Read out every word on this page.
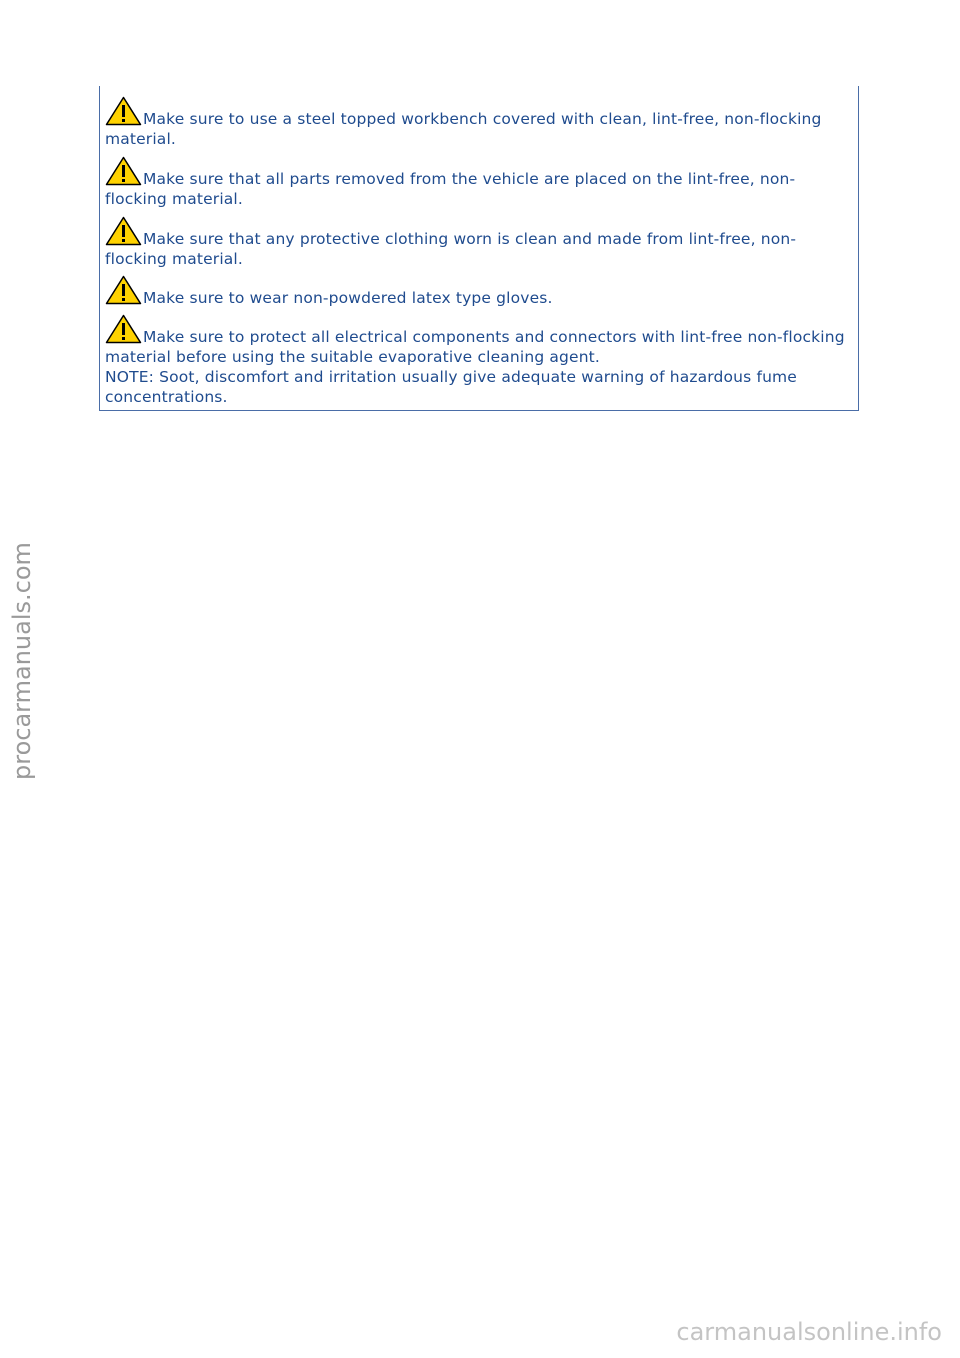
Make sure to use a steel topped workbench covered with clean, lint-free, non-flocking material.
Make sure that all parts removed from the vehicle are placed on the lint-free, non-flocking material.
Make sure that any protective clothing worn is clean and made from lint-free, non-flocking material.
Make sure to wear non-powdered latex type gloves.
Make sure to protect all electrical components and connectors with lint-free non-flocking material before using the suitable evaporative cleaning agent.
NOTE: Soot, discomfort and irritation usually give adequate warning of hazardous fume concentrations.
procarmanuals.com
carmanualsonline.info
